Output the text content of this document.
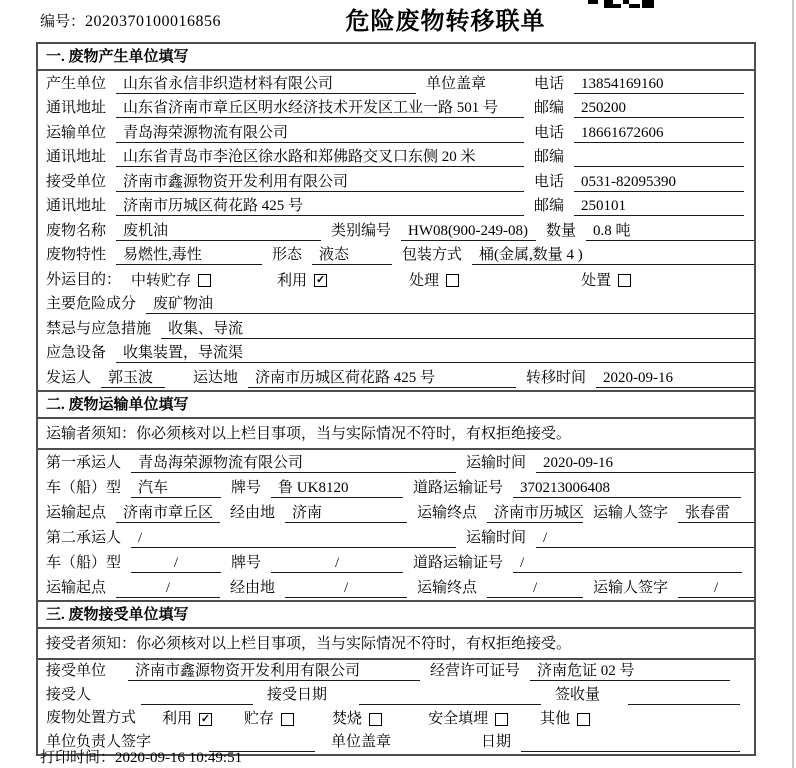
编号：2020370100016856	危险废物转移联单
一. 废物产生单位填写
产生单位	山东省永信非织造材料有限公司	单位盖章	电话	13854169160
通讯地址	山东省济南市章丘区明水经济技术开发区工业一路 501 号 邮编	250200
运输单位	青岛海荣源物流有限公司	电话	18661672606
通讯地址	山东省青岛市李沧区徐水路和郑佛路交叉口东侧 20 米	邮编
接受单位	济南市鑫源物资开发利用有限公司	电话	0531-82095390
通讯地址	济南市历城区荷花路 425 号	邮编	250101
废物名称	废机油	类别编号	HW08(900-249-08) 数量	0.8 吨
废物特性	易燃性,毒性	形态	液态	包装方式	桶(金属,数量 4 )
外运目的： 中转贮存	利用 ✓	处理	处置
主要危险成分	废矿物油
禁忌与应急措施	收集、导流
应急设备	收集装置，导流渠
发运人	郭玉波	运达地	济南市历城区荷花路 425 号	转移时间	2020-09-16
二. 废物运输单位填写
运输者须知：你必须核对以上栏目事项，当与实际情况不符时，有权拒绝接受。
第一承运人	青岛海荣源物流有限公司	运输时间	2020-09-16
车（船）型	汽车	牌号	鲁 UK8120	道路运输证号	370213006408
运输起点	济南市章丘区 经由地	济南	运输终点	济南市历城区 运输人签字	张春雷
第二承运人	/	运输时间	/
车（船）型	/	牌号	/	道路运输证号	/
运输起点	/	经由地	/	运输终点	/	运输人签字	/
三. 废物接受单位填写
接受者须知：你必须核对以上栏目事项，当与实际情况不符时，有权拒绝接受。
接受单位	济南市鑫源物资开发利用有限公司	经营许可证号	济南危证 02 号
接受人	接受日期	签收量
废物处置方式 利用 ✓ 贮存	焚烧	安全填埋	其他
单位负责人签字	单位盖章	日期
打印时间：2020-09-16 10:49:51
